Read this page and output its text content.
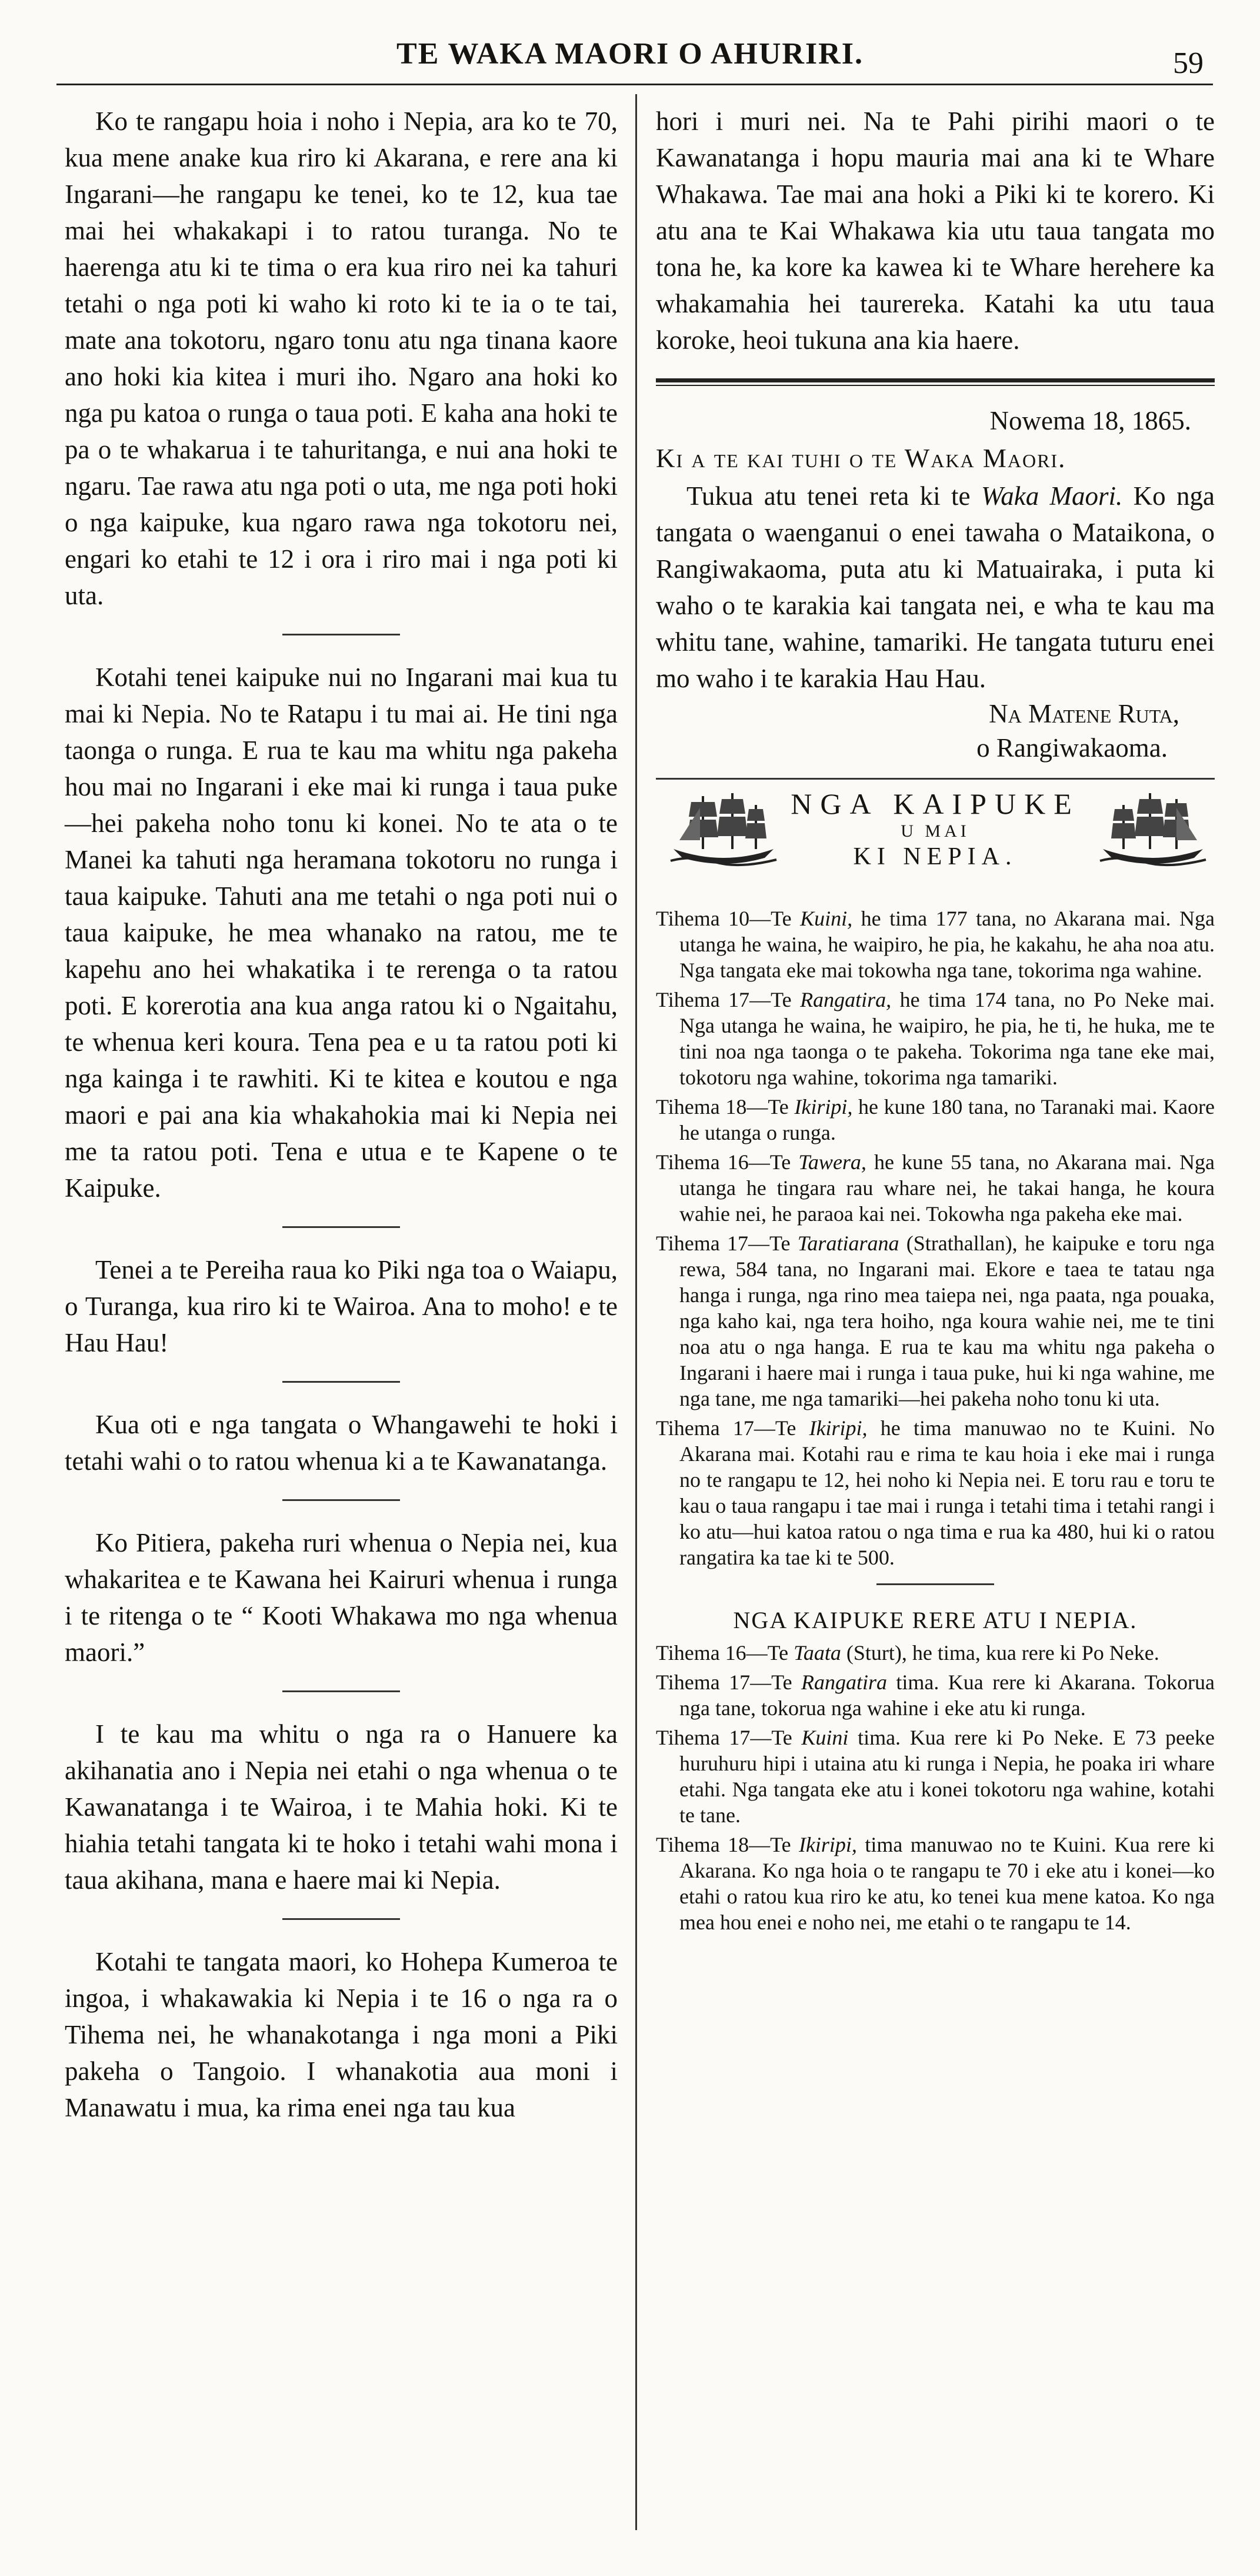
TE WAKA MAORI O AHURIRI.	59

Ko te rangapu hoia i noho i Nepia, ara ko te 70, kua mene anake kua riro ki Akarana, e rere ana ki Ingarani—he rangapu ke tenei, ko te 12, kua tae mai hei whakakapi i to ratou turanga. No te haerenga atu ki te tima o era kua riro nei ka tahuri tetahi o nga poti ki waho ki roto ki te ia o te tai, mate ana tokotoru, ngaro tonu atu nga tinana kaore ano hoki kia kitea i muri iho. Ngaro ana hoki ko nga pu katoa o runga o taua poti. E kaha ana hoki te pa o te whakarua i te tahuritanga, e nui ana hoki te ngaru. Tae rawa atu nga poti o uta, me nga poti hoki o nga kaipuke, kua ngaro rawa nga tokotoru nei, engari ko etahi te 12 i ora i riro mai i nga poti ki uta.

Kotahi tenei kaipuke nui no Ingarani mai kua tu mai ki Nepia. No te Ratapu i tu mai ai. He tini nga taonga o runga. E rua te kau ma whitu nga pakeha hou mai no Ingarani i eke mai ki runga i taua puke—hei pakeha noho tonu ki konei. No te ata o te Manei ka tahuti nga heramana tokotoru no runga i taua kaipuke. Tahuti ana me tetahi o nga poti nui o taua kaipuke, he mea whanako na ratou, me te kapehu ano hei whakatika i te rerenga o ta ratou poti. E korerotia ana kua anga ratou ki o Ngaitahu, te whenua keri koura. Tena pea e u ta ratou poti ki nga kainga i te rawhiti. Ki te kitea e koutou e nga maori e pai ana kia whakahokia mai ki Nepia nei me ta ratou poti. Tena e utua e te Kapene o te Kaipuke.

Tenei a te Pereiha raua ko Piki nga toa o Waiapu, o Turanga, kua riro ki te Wairoa. Ana to moho! e te Hau Hau!

Kua oti e nga tangata o Whangawehi te hoki i tetahi wahi o to ratou whenua ki a te Kawanatanga.

Ko Pitiera, pakeha ruri whenua o Nepia nei, kua whakaritea e te Kawana hei Kairuri whenua i runga i te ritenga o te “ Kooti Whakawa mo nga whenua maori.”

I te kau ma whitu o nga ra o Hanuere ka akihanatia ano i Nepia nei etahi o nga whenua o te Kawanatanga i te Wairoa, i te Mahia hoki. Ki te hiahia tetahi tangata ki te hoko i tetahi wahi mona i taua akihana, mana e haere mai ki Nepia.

Kotahi te tangata maori, ko Hohepa Kumeroa te ingoa, i whakawakia ki Nepia i te 16 o nga ra o Tihema nei, he whanakotanga i nga moni a Piki pakeha o Tangoio. I whanakotia aua moni i Manawatu i mua, ka rima enei nga tau kua

hori i muri nei. Na te Pahi pirihi maori o te Kawanatanga i hopu mauria mai ana ki te Whare Whakawa. Tae mai ana hoki a Piki ki te korero. Ki atu ana te Kai Whakawa kia utu taua tangata mo tona he, ka kore ka kawea ki te Whare herehere ka whakamahia hei taurereka. Katahi ka utu taua koroke, heoi tukuna ana kia haere.

Nowema 18, 1865.
Ki a te kai tuhi o te Waka Maori.

Tukua atu tenei reta ki te Waka Maori. Ko nga tangata o waenganui o enei tawaha o Mataikona, o Rangiwakaoma, puta atu ki Matuairaka, i puta ki waho o te karakia kai tangata nei, e wha te kau ma whitu tane, wahine, tamariki. He tangata tuturu enei mo waho i te karakia Hau Hau.

Na Matene Ruta,
o Rangiwakaoma.
NGA KAIPUKE
U MAI
KI NEPIA.

Tihema 10—Te Kuini, he tima 177 tana, no Akarana mai. Nga utanga he waina, he waipiro, he pia, he kakahu, he aha noa atu. Nga tangata eke mai tokowha nga tane, tokorima nga wahine.

Tihema 17—Te Rangatira, he tima 174 tana, no Po Neke mai. Nga utanga he waina, he waipiro, he pia, he ti, he huka, me te tini noa nga taonga o te pakeha. Tokorima nga tane eke mai, tokotoru nga wahine, tokorima nga tamariki.

Tihema 18—Te Ikiripi, he kune 180 tana, no Taranaki mai. Kaore he utanga o runga.

Tihema 16—Te Tawera, he kune 55 tana, no Akarana mai. Nga utanga he tingara rau whare nei, he takai hanga, he koura wahie nei, he paraoa kai nei. Tokowha nga pakeha eke mai.

Tihema 17—Te Taratiarana (Strathallan), he kaipuke e toru nga rewa, 584 tana, no Ingarani mai. Ekore e taea te tatau nga hanga i runga, nga rino mea taiepa nei, nga paata, nga pouaka, nga kaho kai, nga tera hoiho, nga koura wahie nei, me te tini noa atu o nga hanga. E rua te kau ma whitu nga pakeha o Ingarani i haere mai i runga i taua puke, hui ki nga wahine, me nga tane, me nga tamariki—hei pakeha noho tonu ki uta.

Tihema 17—Te Ikiripi, he tima manuwao no te Kuini. No Akarana mai. Kotahi rau e rima te kau hoia i eke mai i runga no te rangapu te 12, hei noho ki Nepia nei. E toru rau e toru te kau o taua rangapu i tae mai i runga i tetahi tima i tetahi rangi i ko atu—hui katoa ratou o nga tima e rua ka 480, hui ki o ratou rangatira ka tae ki te 500.

NGA KAIPUKE RERE ATU I NEPIA.

Tihema 16—Te Taata (Sturt), he tima, kua rere ki Po Neke.

Tihema 17—Te Rangatira tima. Kua rere ki Akarana. Tokorua nga tane, tokorua nga wahine i eke atu ki runga.

Tihema 17—Te Kuini tima. Kua rere ki Po Neke. E 73 peeke huruhuru hipi i utaina atu ki runga i Nepia, he poaka iri whare etahi. Nga tangata eke atu i konei tokotoru nga wahine, kotahi te tane.

Tihema 18—Te Ikiripi, tima manuwao no te Kuini. Kua rere ki Akarana. Ko nga hoia o te rangapu te 70 i eke atu i konei—ko etahi o ratou kua riro ke atu, ko tenei kua mene katoa. Ko nga mea hou enei e noho nei, me etahi o te rangapu te 14.
